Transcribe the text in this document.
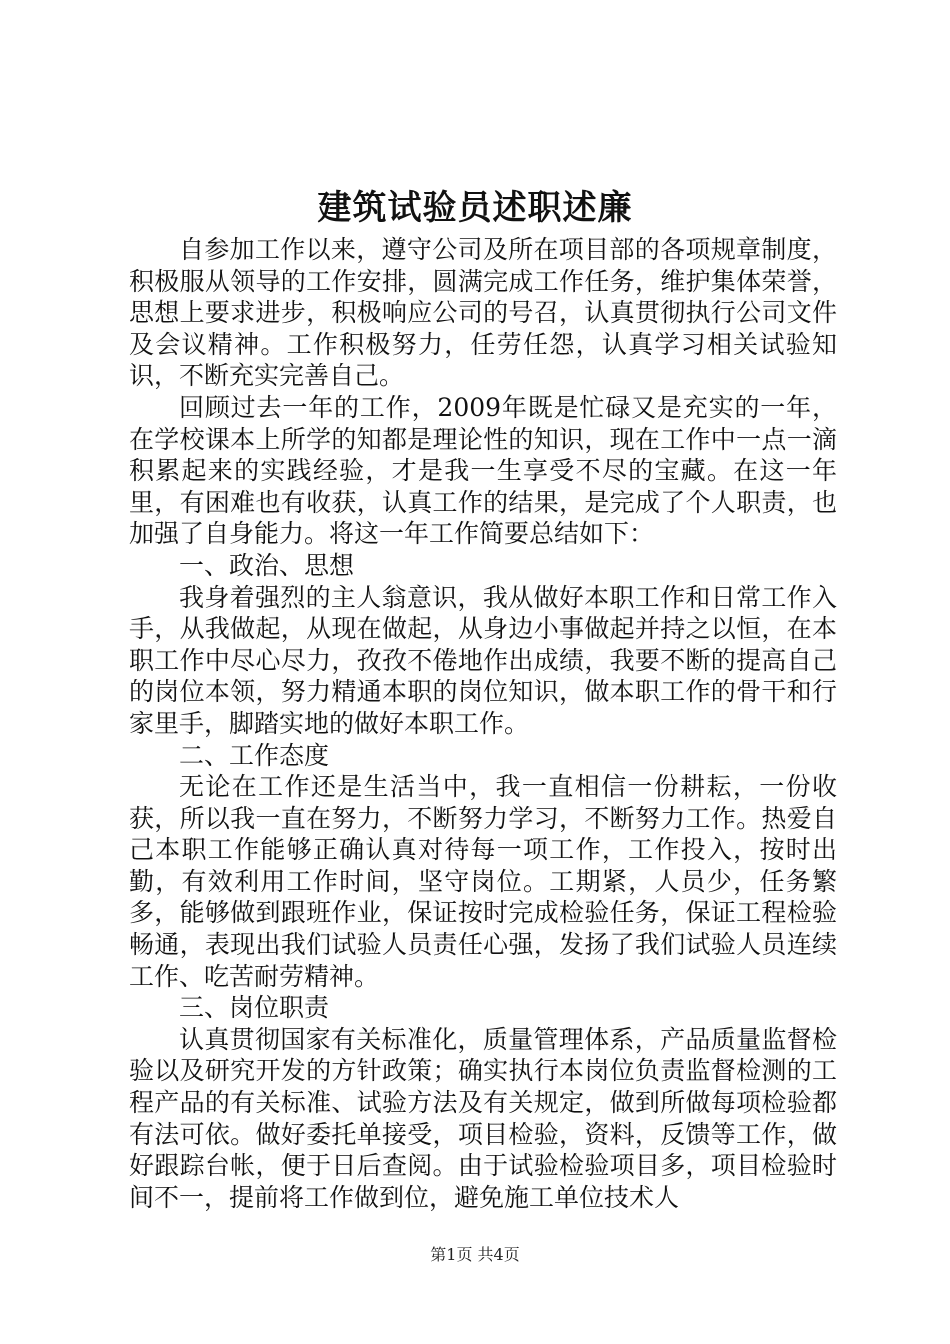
建筑试验员述职述廉

自参加工作以来，遵守公司及所在项目部的各项规章制度，积极服从领导的工作安排，圆满完成工作任务，维护集体荣誉，思想上要求进步，积极响应公司的号召，认真贯彻执行公司文件及会议精神。工作积极努力，任劳任怨，认真学习相关试验知识，不断充实完善自己。

回顾过去一年的工作，2009年既是忙碌又是充实的一年，在学校课本上所学的知都是理论性的知识，现在工作中一点一滴积累起来的实践经验，才是我一生享受不尽的宝藏。在这一年里，有困难也有收获，认真工作的结果，是完成了个人职责，也加强了自身能力。将这一年工作简要总结如下：

一、政治、思想

我身着强烈的主人翁意识，我从做好本职工作和日常工作入手，从我做起，从现在做起，从身边小事做起并持之以恒，在本职工作中尽心尽力，孜孜不倦地作出成绩，我要不断的提高自己的岗位本领，努力精通本职的岗位知识，做本职工作的骨干和行家里手，脚踏实地的做好本职工作。

二、工作态度

无论在工作还是生活当中，我一直相信一份耕耘，一份收获，所以我一直在努力，不断努力学习，不断努力工作。热爱自己本职工作能够正确认真对待每一项工作，工作投入，按时出勤，有效利用工作时间，坚守岗位。工期紧，人员少，任务繁多，能够做到跟班作业，保证按时完成检验任务，保证工程检验畅通，表现出我们试验人员责任心强，发扬了我们试验人员连续工作、吃苦耐劳精神。

三、岗位职责

认真贯彻国家有关标准化，质量管理体系，产品质量监督检验以及研究开发的方针政策；确实执行本岗位负责监督检测的工程产品的有关标准、试验方法及有关规定，做到所做每项检验都有法可依。做好委托单接受，项目检验，资料，反馈等工作，做好跟踪台帐，便于日后查阅。由于试验检验项目多，项目检验时间不一，提前将工作做到位，避免施工单位技术人

第1页 共4页
